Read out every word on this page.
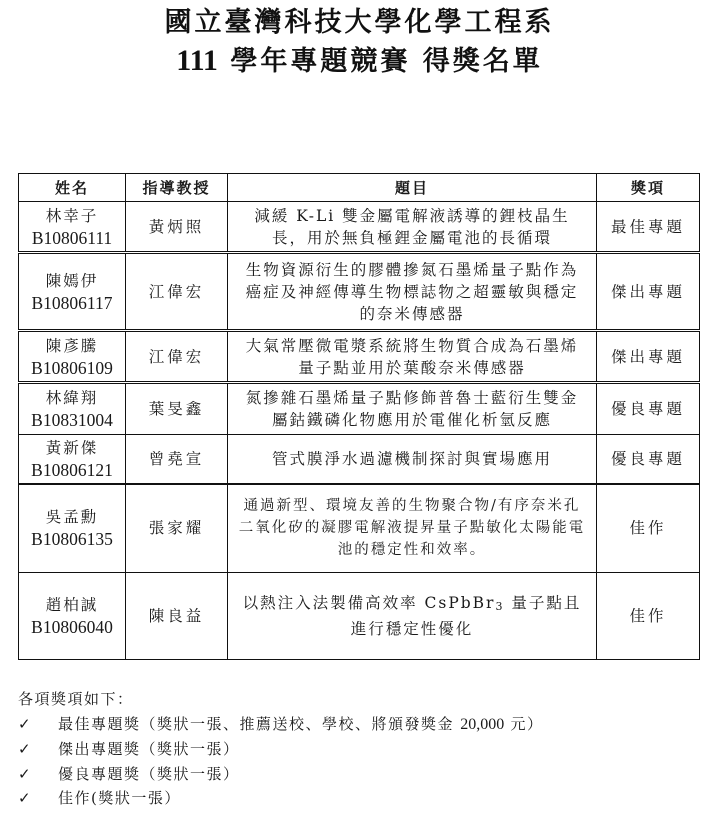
國立臺灣科技大學化學工程系
111 學年專題競賽 得獎名單
姓名	指導教授	題目	獎項

林幸子
B10806111	黃炳照	減緩 K-Li 雙金屬電解液誘導的鋰枝晶生長，用於無負極鋰金屬電池的長循環	最佳專題

陳嫣伊
B10806117	江偉宏	生物資源衍生的膠體摻氮石墨烯量子點作為癌症及神經傳導生物標誌物之超靈敏與穩定的奈米傳感器	傑出專題

陳彥騰
B10806109	江偉宏	大氣常壓微電漿系統將生物質合成為石墨烯量子點並用於葉酸奈米傳感器	傑出專題

林緯翔
B10831004	葉旻鑫	氮摻雜石墨烯量子點修飾普魯士藍衍生雙金屬鈷鐵磷化物應用於電催化析氫反應	優良專題

黃新傑
B10806121	曾堯宣	管式膜淨水過濾機制探討與實場應用	優良專題

吳孟勳
B10806135	張家耀	通過新型、環境友善的生物聚合物/有序奈米孔二氧化矽的凝膠電解液提昇量子點敏化太陽能電池的穩定性和效率。	佳作

趙柏誠
B10806040	陳良益	以熱注入法製備高效率 CsPbBr$_3$ 量子點且進行穩定性優化	佳作
各項獎項如下：
✓	最佳專題獎（獎狀一張、推薦送校、學校、將頒發獎金 20,000 元）
✓	傑出專題獎（獎狀一張）
✓	優良專題獎（獎狀一張）
✓	佳作(獎狀一張）
